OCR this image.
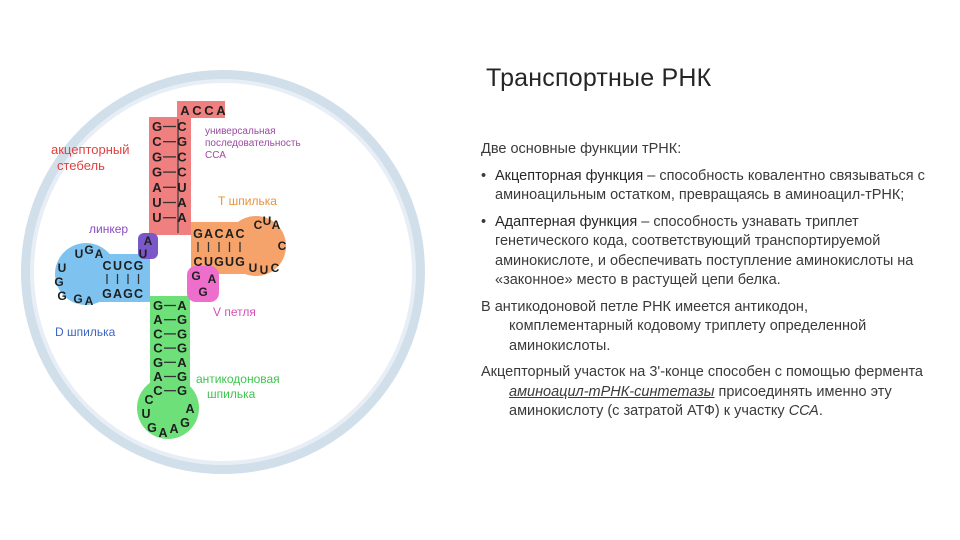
A C C A
G C
C G
G C
G C
A U
U A
U A
G A C A C
C U G U G
C U A
C
U U C
C U C G
G A G C
U G A
U
G
G G A
A
U
G
G
A
G A
A G
C G
C G
G A
A G
C G
C
U
G A A G
A
акцепторный
стебель
универсальная
последовательность
ССА
Т шпилька
линкер
D шпилька
V петля
антикодоновая
шпилька
Транспортные РНК

Две основные функции тРНК:

• Акцепторная функция – способность ковалентно связываться с аминоацильным остатком, превращаясь в аминоацил-тРНК;

• Адаптерная функция – способность узнавать триплет генетического кода, соответствующий транспортируемой аминокислоте, и обеспечивать поступление аминокислоты на «законное» место в растущей цепи белка.

В антикодоновой петле РНК имеется антикодон, комплементарный кодовому триплету определенной аминокислоты.

Акцепторный участок на 3'-конце способен с помощью фермента аминоацил-тРНК-синтетазы присоединять именно эту аминокислоту (с затратой АТФ) к участку ССА.
